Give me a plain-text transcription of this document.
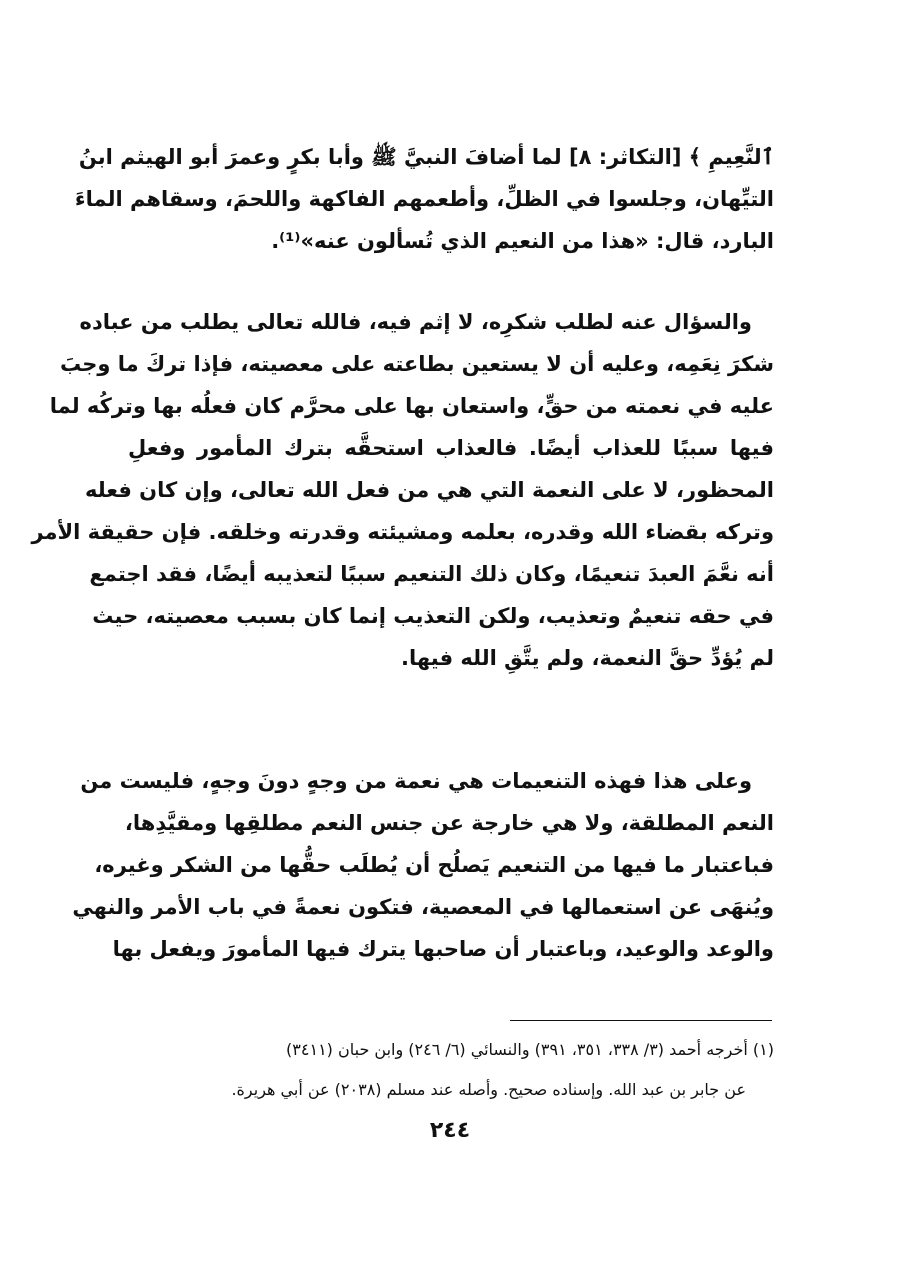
ٱلنَّعِيمِ ﴾ [التكاثر: ٨] لما أضافَ النبيَّ ﷺ وأبا بكرٍ وعمرَ أبو الهيثم ابنُ
التيِّهان، وجلسوا في الظلِّ، وأطعمهم الفاكهة واللحمَ، وسقاهم الماءَ
البارد، قال: «هذا من النعيم الذي تُسألون عنه»⁽¹⁾.
والسؤال عنه لطلب شكرِه، لا إثم فيه، فالله تعالى يطلب من عباده
شكرَ نِعَمِه، وعليه أن لا يستعين بطاعته على معصيته، فإذا تركَ ما وجبَ
عليه في نعمته من حقٍّ، واستعان بها على محرَّم كان فعلُه بها وتركُه لما
فيها سببًا للعذاب أيضًا. فالعذاب استحقَّه بترك المأمور وفعلِ
المحظور، لا على النعمة التي هي من فعل الله تعالى، وإن كان فعله
وتركه بقضاء الله وقدره، بعلمه ومشيئته وقدرته وخلقه. فإن حقيقة الأمر
أنه نعَّمَ العبدَ تنعيمًا، وكان ذلك التنعيم سببًا لتعذيبه أيضًا، فقد اجتمع
في حقه تنعيمٌ وتعذيب، ولكن التعذيب إنما كان بسبب معصيته، حيث
لم يُؤدِّ حقَّ النعمة، ولم يتَّقِ الله فيها.
وعلى هذا فهذه التنعيمات هي نعمة من وجهٍ دونَ وجهٍ، فليست من
النعم المطلقة، ولا هي خارجة عن جنس النعم مطلقِها ومقيَّدِها،
فباعتبار ما فيها من التنعيم يَصلُح أن يُطلَب حقُّها من الشكر وغيره،
ويُنهَى عن استعمالها في المعصية، فتكون نعمةً في باب الأمر والنهي
والوعد والوعيد، وباعتبار أن صاحبها يترك فيها المأمورَ ويفعل بها
(١) أخرجه أحمد (٣/ ٣٣٨، ٣٥١، ٣٩١) والنسائي (٦/ ٢٤٦) وابن حبان (٣٤١١)
عن جابر بن عبد الله. وإسناده صحيح. وأصله عند مسلم (٢٠٣٨) عن أبي هريرة.
٢٤٤
